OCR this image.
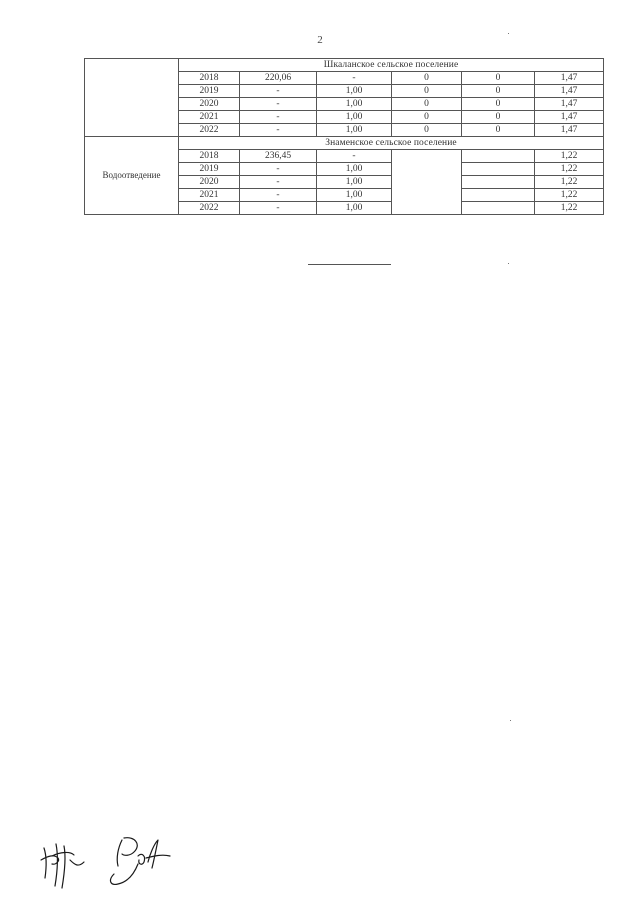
2
	Шкаланское сельское поселение					
	2018	220,06	-	0	0	1,47
	2019	-	1,00	0	0	1,47
	2020	-	1,00	0	0	1,47
	2021	-	1,00	0	0	1,47
	2022	-	1,00	0	0	1,47
Водоотведение	Знаменское сельское поселение					
	2018	236,45	-			1,22
	2019	-	1,00			1,22
	2020	-	1,00			1,22
	2021	-	1,00			1,22
	2022	-	1,00			1,22
